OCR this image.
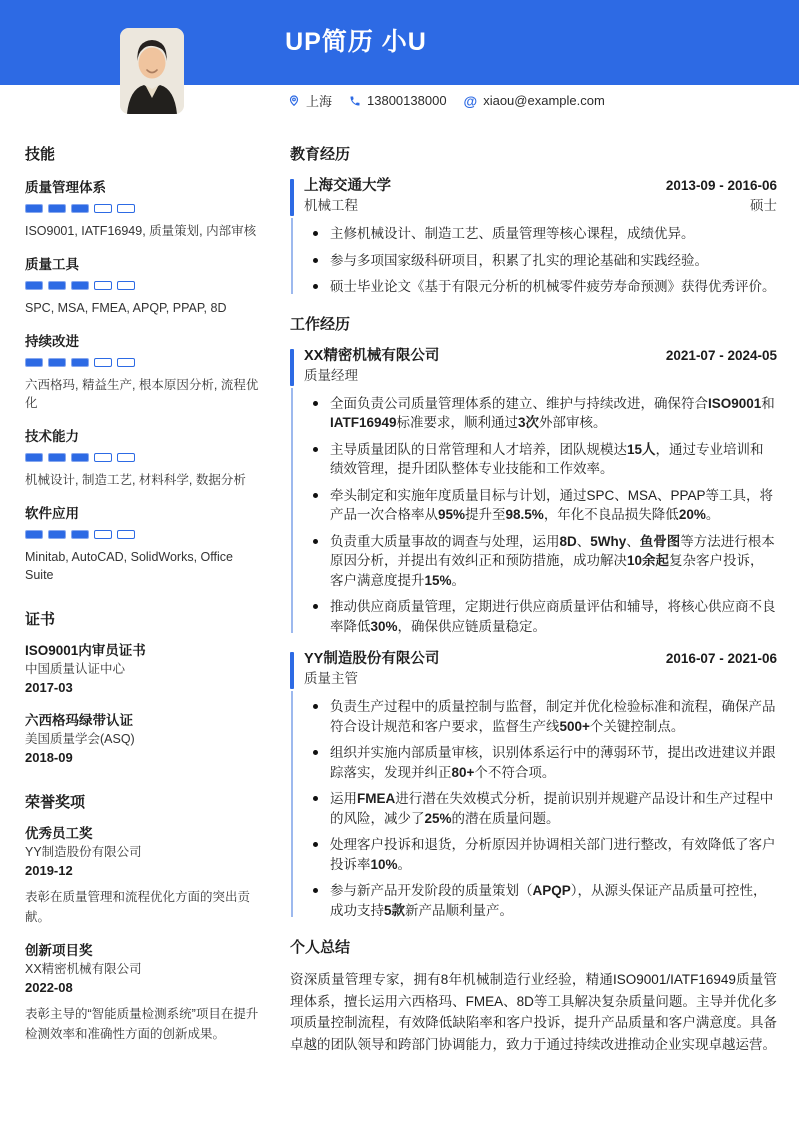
UP简历 小U
上海	13800138000 @ xiaou@example.com
技能
质量管理体系
ISO9001, IATF16949, 质量策划, 内部审核
质量工具
SPC, MSA, FMEA, APQP, PPAP, 8D
持续改进
六西格玛, 精益生产, 根本原因分析, 流程优化
技术能力
机械设计, 制造工艺, 材料科学, 数据分析
软件应用
Minitab, AutoCAD, SolidWorks, Office Suite
证书
ISO9001内审员证书
中国质量认证中心
2017-03
六西格玛绿带认证
美国质量学会(ASQ)
2018-09
荣誉奖项
优秀员工奖
YY制造股份有限公司
2019-12
表彰在质量管理和流程优化方面的突出贡献。
创新项目奖
XX精密机械有限公司
2022-08
表彰主导的“智能质量检测系统”项目在提升检测效率和准确性方面的创新成果。
教育经历
上海交通大学
机械工程
2013-09 - 2016-06
硕士
主修机械设计、制造工艺、质量管理等核心课程，成绩优异。
参与多项国家级科研项目，积累了扎实的理论基础和实践经验。
硕士毕业论文《基于有限元分析的机械零件疲劳寿命预测》获得优秀评价。
工作经历
XX精密机械有限公司
质量经理
2021-07 - 2024-05
全面负责公司质量管理体系的建立、维护与持续改进，确保符合ISO9001和IATF16949标准要求，顺利通过3次外部审核。
主导质量团队的日常管理和人才培养，团队规模达15人，通过专业培训和绩效管理，提升团队整体专业技能和工作效率。
牵头制定和实施年度质量目标与计划，通过SPC、MSA、PPAP等工具，将产品一次合格率从95%提升至98.5%，年化不良品损失降低20%。
负责重大质量事故的调查与处理，运用8D、5Why、鱼骨图等方法进行根本原因分析，并提出有效纠正和预防措施，成功解决10余起复杂客户投诉，客户满意度提升15%。
推动供应商质量管理，定期进行供应商质量评估和辅导，将核心供应商不良率降低30%，确保供应链质量稳定。
YY制造股份有限公司
质量主管
2016-07 - 2021-06
负责生产过程中的质量控制与监督，制定并优化检验标准和流程，确保产品符合设计规范和客户要求，监督生产线500+个关键控制点。
组织并实施内部质量审核，识别体系运行中的薄弱环节，提出改进建议并跟踪落实，发现并纠正80+个不符合项。
运用FMEA进行潜在失效模式分析，提前识别并规避产品设计和生产过程中的风险，减少了25%的潜在质量问题。
处理客户投诉和退货，分析原因并协调相关部门进行整改，有效降低了客户投诉率10%。
参与新产品开发阶段的质量策划（APQP），从源头保证产品质量可控性，成功支持5款新产品顺利量产。
个人总结
资深质量管理专家，拥有8年机械制造行业经验，精通ISO9001/IATF16949质量管理体系，擅长运用六西格玛、FMEA、8D等工具解决复杂质量问题。主导并优化多项质量控制流程，有效降低缺陷率和客户投诉，提升产品质量和客户满意度。具备卓越的团队领导和跨部门协调能力，致力于通过持续改进推动企业实现卓越运营。
